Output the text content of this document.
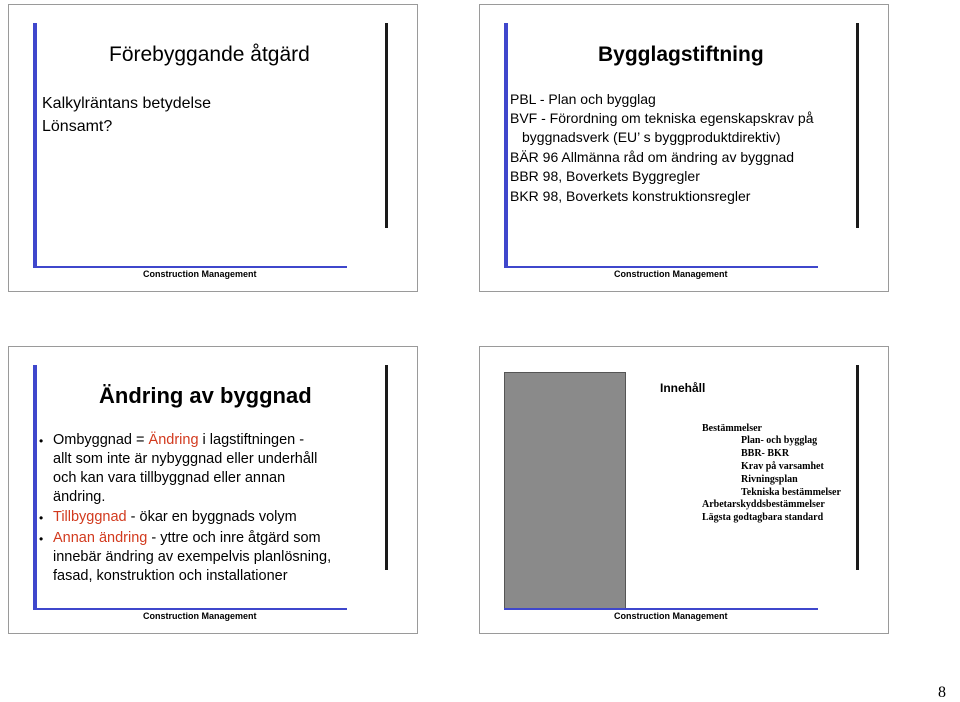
Förebyggande åtgärd
Kalkylräntans betydelse
Lönsamt?
Construction Management
Bygglagstiftning
PBL - Plan och bygglag
BVF - Förordning om tekniska egenskapskrav på
byggnadsverk (EU’ s byggproduktdirektiv)
BÄR 96 Allmänna råd om ändring av byggnad
BBR 98, Boverkets Byggregler
BKR 98, Boverkets konstruktionsregler
Construction Management
Ändring av byggnad
• Ombyggnad = Ändring i lagstiftningen -
allt som inte är nybyggnad eller underhåll
och kan vara tillbyggnad eller annan
ändring.
• Tillbyggnad - ökar en byggnads volym
• Annan ändring - yttre och inre åtgärd som
innebär ändring av exempelvis planlösning,
fasad, konstruktion och installationer
Construction Management
Innehåll
Bestämmelser
Plan- och bygglag
BBR- BKR
Krav på varsamhet
Rivningsplan
Tekniska bestämmelser
Arbetarskyddsbestämmelser
Lägsta godtagbara standard
Construction Management
8
